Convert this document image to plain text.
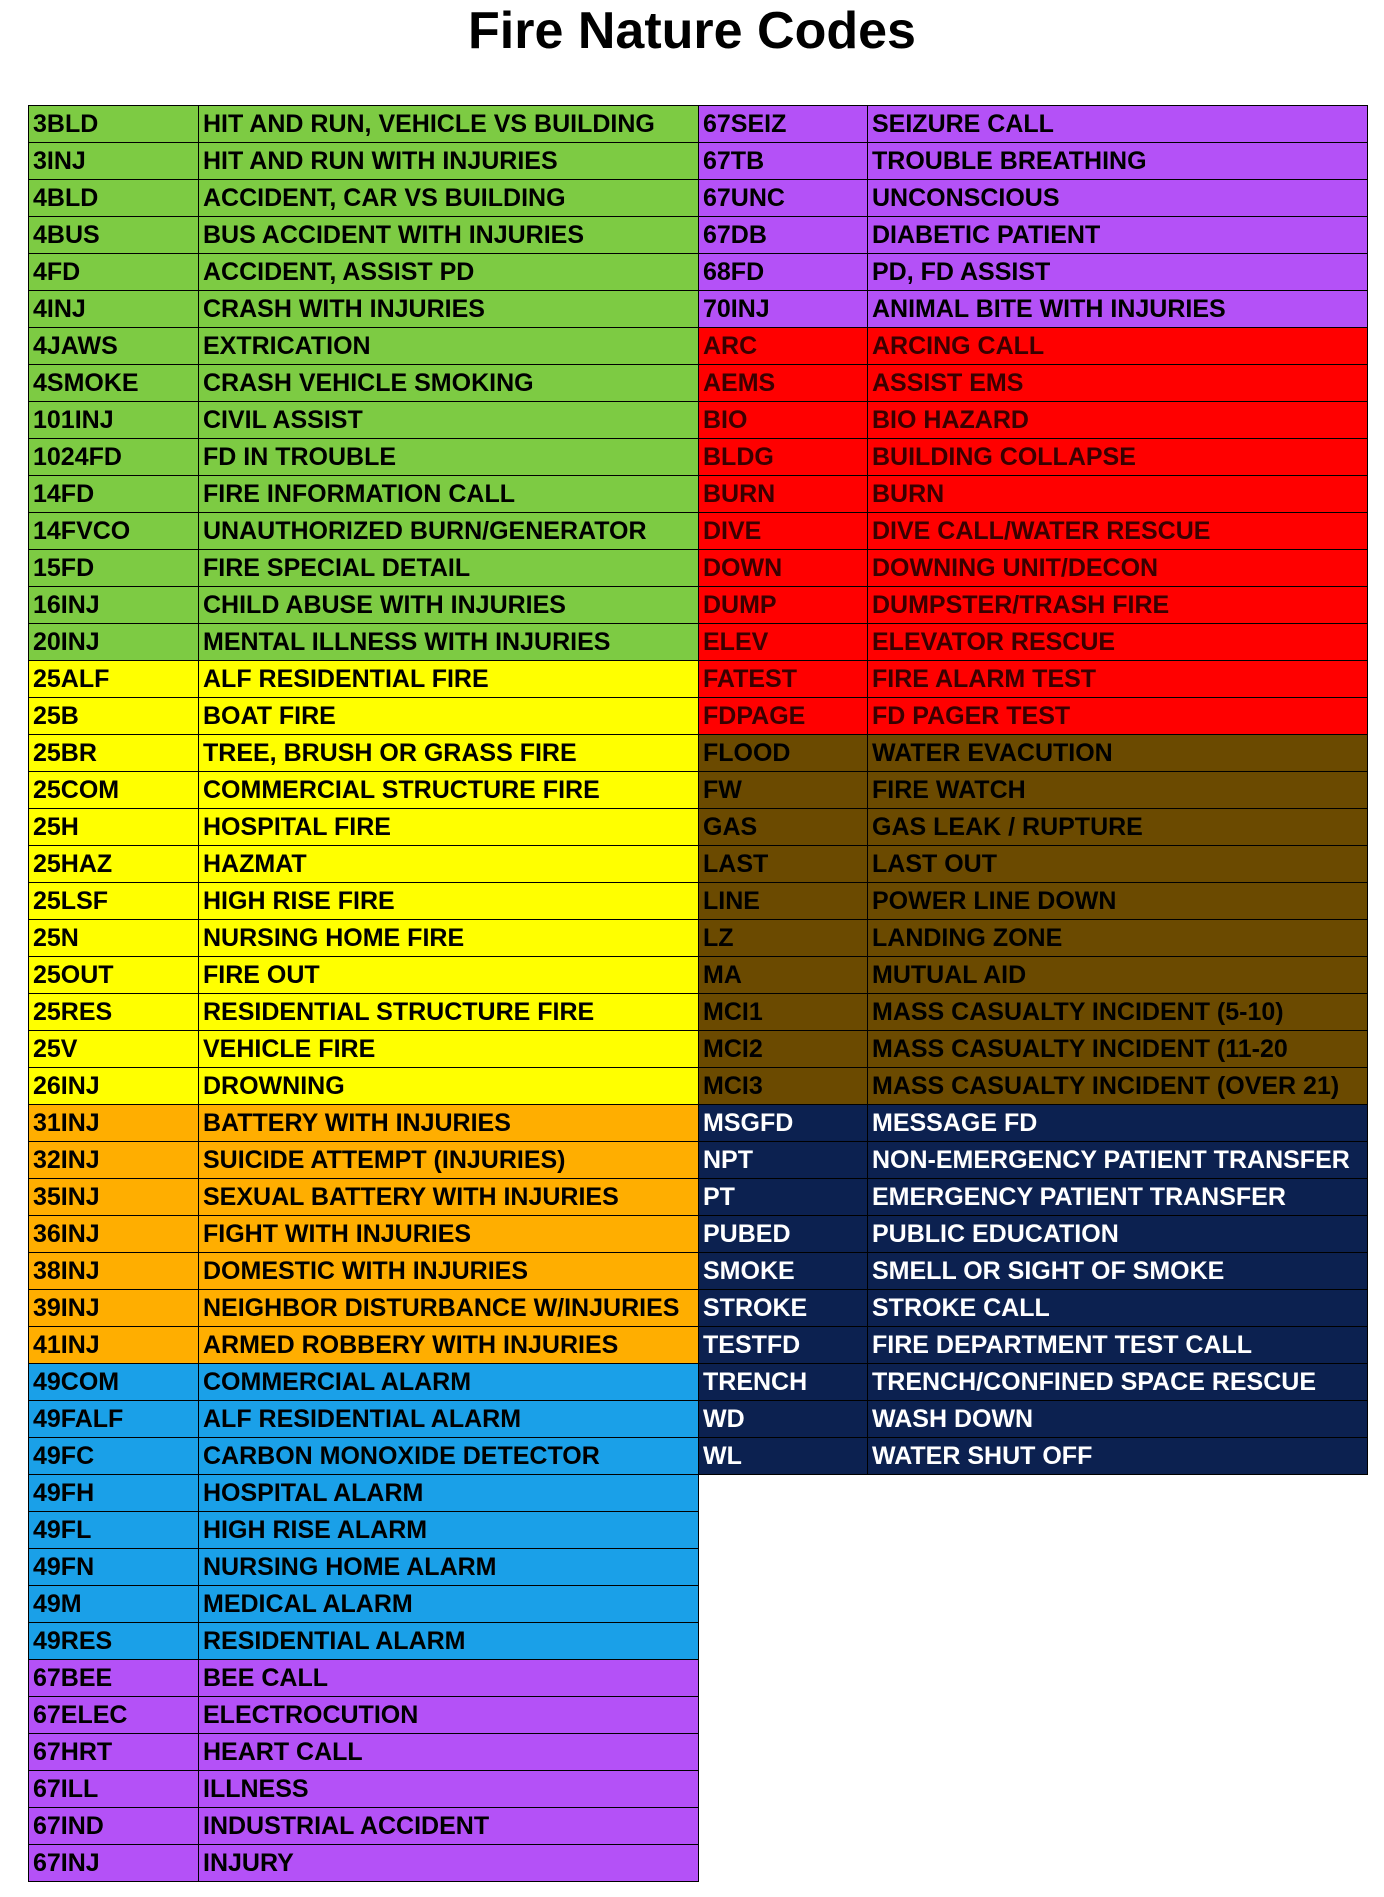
Fire Nature Codes
3BLD	HIT AND RUN, VEHICLE VS BUILDING
3INJ	HIT AND RUN WITH INJURIES
4BLD	ACCIDENT, CAR VS BUILDING
4BUS	BUS ACCIDENT WITH INJURIES
4FD	ACCIDENT, ASSIST PD
4INJ	CRASH WITH INJURIES
4JAWS	EXTRICATION
4SMOKE	CRASH VEHICLE SMOKING
101INJ	CIVIL ASSIST
1024FD	FD IN TROUBLE
14FD	FIRE INFORMATION CALL
14FVCO	UNAUTHORIZED BURN/GENERATOR
15FD	FIRE SPECIAL DETAIL
16INJ	CHILD ABUSE WITH INJURIES
20INJ	MENTAL ILLNESS WITH INJURIES
25ALF	ALF RESIDENTIAL FIRE
25B	BOAT FIRE
25BR	TREE, BRUSH OR GRASS FIRE
25COM	COMMERCIAL STRUCTURE FIRE
25H	HOSPITAL FIRE
25HAZ	HAZMAT
25LSF	HIGH RISE FIRE
25N	NURSING HOME FIRE
25OUT	FIRE OUT
25RES	RESIDENTIAL STRUCTURE FIRE
25V	VEHICLE FIRE
26INJ	DROWNING
31INJ	BATTERY WITH INJURIES
32INJ	SUICIDE ATTEMPT (INJURIES)
35INJ	SEXUAL BATTERY WITH INJURIES
36INJ	FIGHT WITH INJURIES
38INJ	DOMESTIC WITH INJURIES
39INJ	NEIGHBOR DISTURBANCE W/INJURIES
41INJ	ARMED ROBBERY WITH INJURIES
49COM	COMMERCIAL ALARM
49FALF	ALF RESIDENTIAL ALARM
49FC	CARBON MONOXIDE DETECTOR
49FH	HOSPITAL ALARM
49FL	HIGH RISE ALARM
49FN	NURSING HOME ALARM
49M	MEDICAL ALARM
49RES	RESIDENTIAL ALARM
67BEE	BEE CALL
67ELEC	ELECTROCUTION
67HRT	HEART CALL
67ILL	ILLNESS
67IND	INDUSTRIAL ACCIDENT
67INJ	INJURY
67SEIZ	SEIZURE CALL
67TB	TROUBLE BREATHING
67UNC	UNCONSCIOUS
67DB	DIABETIC PATIENT
68FD	PD, FD ASSIST
70INJ	ANIMAL BITE WITH INJURIES
ARC	ARCING CALL
AEMS	ASSIST EMS
BIO	BIO HAZARD
BLDG	BUILDING COLLAPSE
BURN	BURN
DIVE	DIVE CALL/WATER RESCUE
DOWN	DOWNING UNIT/DECON
DUMP	DUMPSTER/TRASH FIRE
ELEV	ELEVATOR RESCUE
FATEST	FIRE ALARM TEST
FDPAGE	FD PAGER TEST
FLOOD	WATER EVACUTION
FW	FIRE WATCH
GAS	GAS LEAK / RUPTURE
LAST	LAST OUT
LINE	POWER LINE DOWN
LZ	LANDING ZONE
MA	MUTUAL AID
MCI1	MASS CASUALTY INCIDENT (5-10)
MCI2	MASS CASUALTY INCIDENT (11-20
MCI3	MASS CASUALTY INCIDENT (OVER 21)
MSGFD	MESSAGE FD
NPT	NON-EMERGENCY PATIENT TRANSFER
PT	EMERGENCY PATIENT TRANSFER
PUBED	PUBLIC EDUCATION
SMOKE	SMELL OR SIGHT OF SMOKE
STROKE	STROKE CALL
TESTFD	FIRE DEPARTMENT TEST CALL
TRENCH	TRENCH/CONFINED SPACE RESCUE
WD	WASH DOWN
WL	WATER SHUT OFF
